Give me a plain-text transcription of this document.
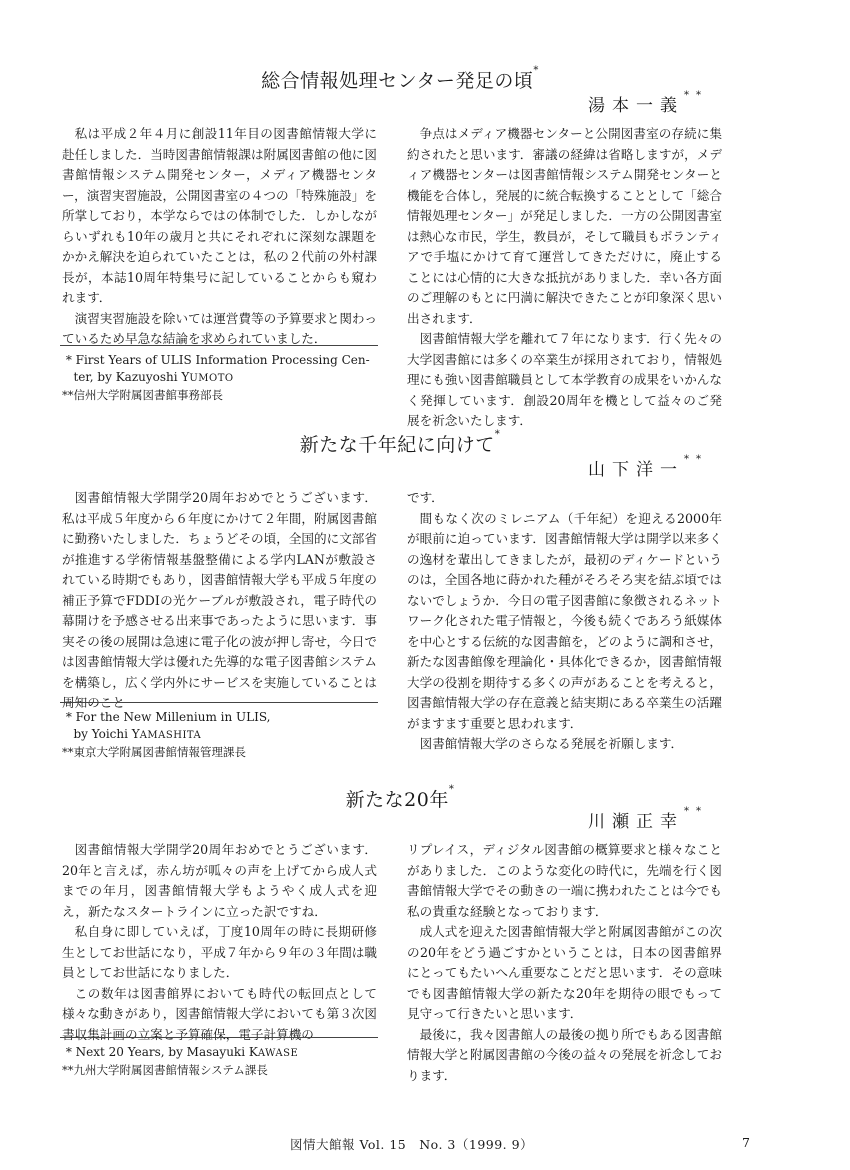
総合情報処理センター発足の頃*
湯本一義**

私は平成２年４月に創設11年目の図書館情報大学に赴任しました．当時図書館情報課は附属図書館の他に図書館情報システム開発センター，メディア機器センター，演習実習施設，公開図書室の４つの「特殊施設」を所掌しており，本学ならではの体制でした．しかしながらいずれも10年の歳月と共にそれぞれに深刻な課題をかかえ解決を迫られていたことは，私の２代前の外村課長が，本誌10周年特集号に記していることからも窺われます．

演習実習施設を除いては運営費等の予算要求と関わっているため早急な結論を求められていました．

争点はメディア機器センターと公開図書室の存続に集約されたと思います．審議の経緯は省略しますが，メディア機器センターは図書館情報システム開発センターと機能を合体し，発展的に統合転換することとして「総合情報処理センター」が発足しました．一方の公開図書室は熱心な市民，学生，教員が，そして職員もボランティアで手塩にかけて育て運営してきただけに，廃止することには心情的に大きな抵抗がありました．幸い各方面のご理解のもとに円満に解決できたことが印象深く思い出されます．

図書館情報大学を離れて７年になります．行く先々の大学図書館には多くの卒業生が採用されており，情報処理にも強い図書館職員として本学教育の成果をいかんなく発揮しています．創設20周年を機として益々のご発展を祈念いたします．

* First Years of ULIS Information Processing Cen-
ter, by Kazuyoshi YUMOTO
**信州大学附属図書館事務部長
新たな千年紀に向けて*
山下洋一**

図書館情報大学開学20周年おめでとうございます．私は平成５年度から６年度にかけて２年間，附属図書館に勤務いたしました．ちょうどその頃，全国的に文部省が推進する学術情報基盤整備による学内LANが敷設されている時期でもあり，図書館情報大学も平成５年度の補正予算でFDDIの光ケーブルが敷設され，電子時代の幕開けを予感させる出来事であったように思います．事実その後の展開は急速に電子化の波が押し寄せ，今日では図書館情報大学は優れた先導的な電子図書館システムを構築し，広く学内外にサービスを実施していることは周知のこと

です．

間もなく次のミレニアム（千年紀）を迎える2000年が眼前に迫っています．図書館情報大学は開学以来多くの逸材を輩出してきましたが，最初のディケードというのは，全国各地に蒔かれた種がそろそろ実を結ぶ頃ではないでしょうか．今日の電子図書館に象徴されるネットワーク化された電子情報と，今後も続くであろう紙媒体を中心とする伝統的な図書館を，どのように調和させ，新たな図書館像を理論化・具体化できるか，図書館情報大学の役割を期待する多くの声があることを考えると，図書館情報大学の存在意義と結実期にある卒業生の活躍がますます重要と思われます．

図書館情報大学のさらなる発展を祈願します．

* For the New Millenium in ULIS,
by Yoichi YAMASHITA
**東京大学附属図書館情報管理課長
新たな20年*
川瀬正幸**

図書館情報大学開学20周年おめでとうございます．20年と言えば，赤ん坊が呱々の声を上げてから成人式までの年月，図書館情報大学もようやく成人式を迎え，新たなスタートラインに立った訳ですね．

私自身に即していえば，丁度10周年の時に長期研修生としてお世話になり，平成７年から９年の３年間は職員としてお世話になりました．

この数年は図書館界においても時代の転回点として様々な動きがあり，図書館情報大学においても第３次図書収集計画の立案と予算確保，電子計算機の

リプレイス，ディジタル図書館の概算要求と様々なことがありました．このような変化の時代に，先端を行く図書館情報大学でその動きの一端に携われたことは今でも私の貴重な経験となっております．

成人式を迎えた図書館情報大学と附属図書館がこの次の20年をどう過ごすかということは，日本の図書館界にとってもたいへん重要なことだと思います．その意味でも図書館情報大学の新たな20年を期待の眼でもって見守って行きたいと思います．

最後に，我々図書館人の最後の拠り所でもある図書館情報大学と附属図書館の今後の益々の発展を祈念しております．

* Next 20 Years, by Masayuki KAWASE
**九州大学附属図書館情報システム課長
図情大館報 Vol. 15　No. 3（1999. 9）	7
